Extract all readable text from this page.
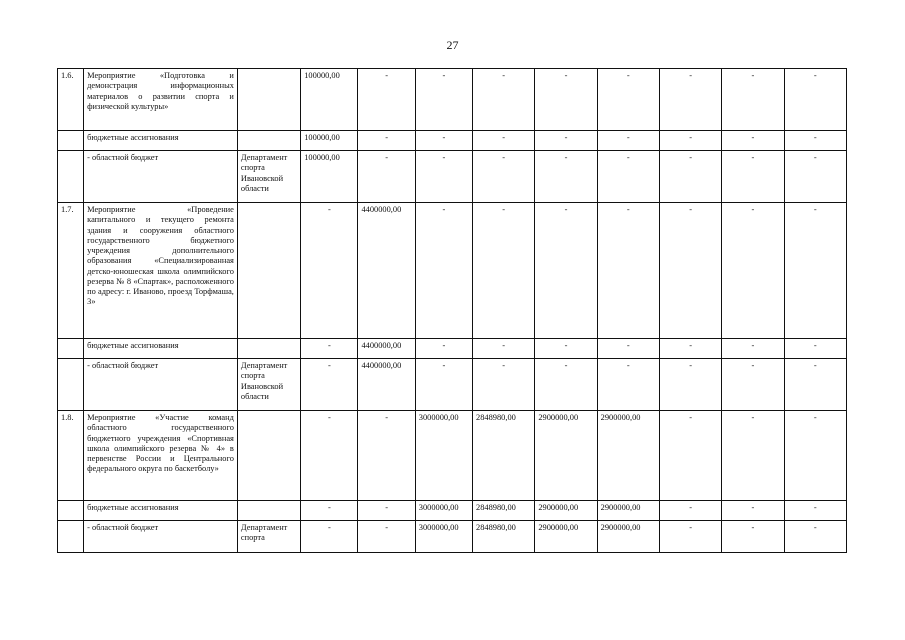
27
1.6.	Мероприятие «Подготовка и демонстрация информационных материалов о развитии спорта и физической культуры»		100000,00	-	-	-	-	-	-	-	-
	бюджетные ассигнования		100000,00	-	-	-	-	-	-	-	-
	- областной бюджет	Департамент спорта Ивановской области	100000,00	-	-	-	-	-	-	-	-
1.7.	Мероприятие «Проведение капитального и текущего ремонта здания и сооружения областного государственного бюджетного учреждения дополнительного образования «Специализированная детско-юношеская школа олимпийского резерва № 8 «Спартак», расположенного по адресу: г. Иваново, проезд Торфмаша, 3»		-	4400000,00	-	-	-	-	-	-	-
	бюджетные ассигнования		-	4400000,00	-	-	-	-	-	-	-
	- областной бюджет	Департамент спорта Ивановской области	-	4400000,00	-	-	-	-	-	-	-
1.8.	Мероприятие «Участие команд областного государственного бюджетного учреждения «Спортивная школа олимпийского резерва № 4» в первенстве России и Центрального федерального округа по баскетболу»		-	-	3000000,00	2848980,00	2900000,00	2900000,00	-	-	-
	бюджетные ассигнования		-	-	3000000,00	2848980,00	2900000,00	2900000,00	-	-	-
	- областной бюджет	Департамент спорта	-	-	3000000,00	2848980,00	2900000,00	2900000,00	-	-	-
